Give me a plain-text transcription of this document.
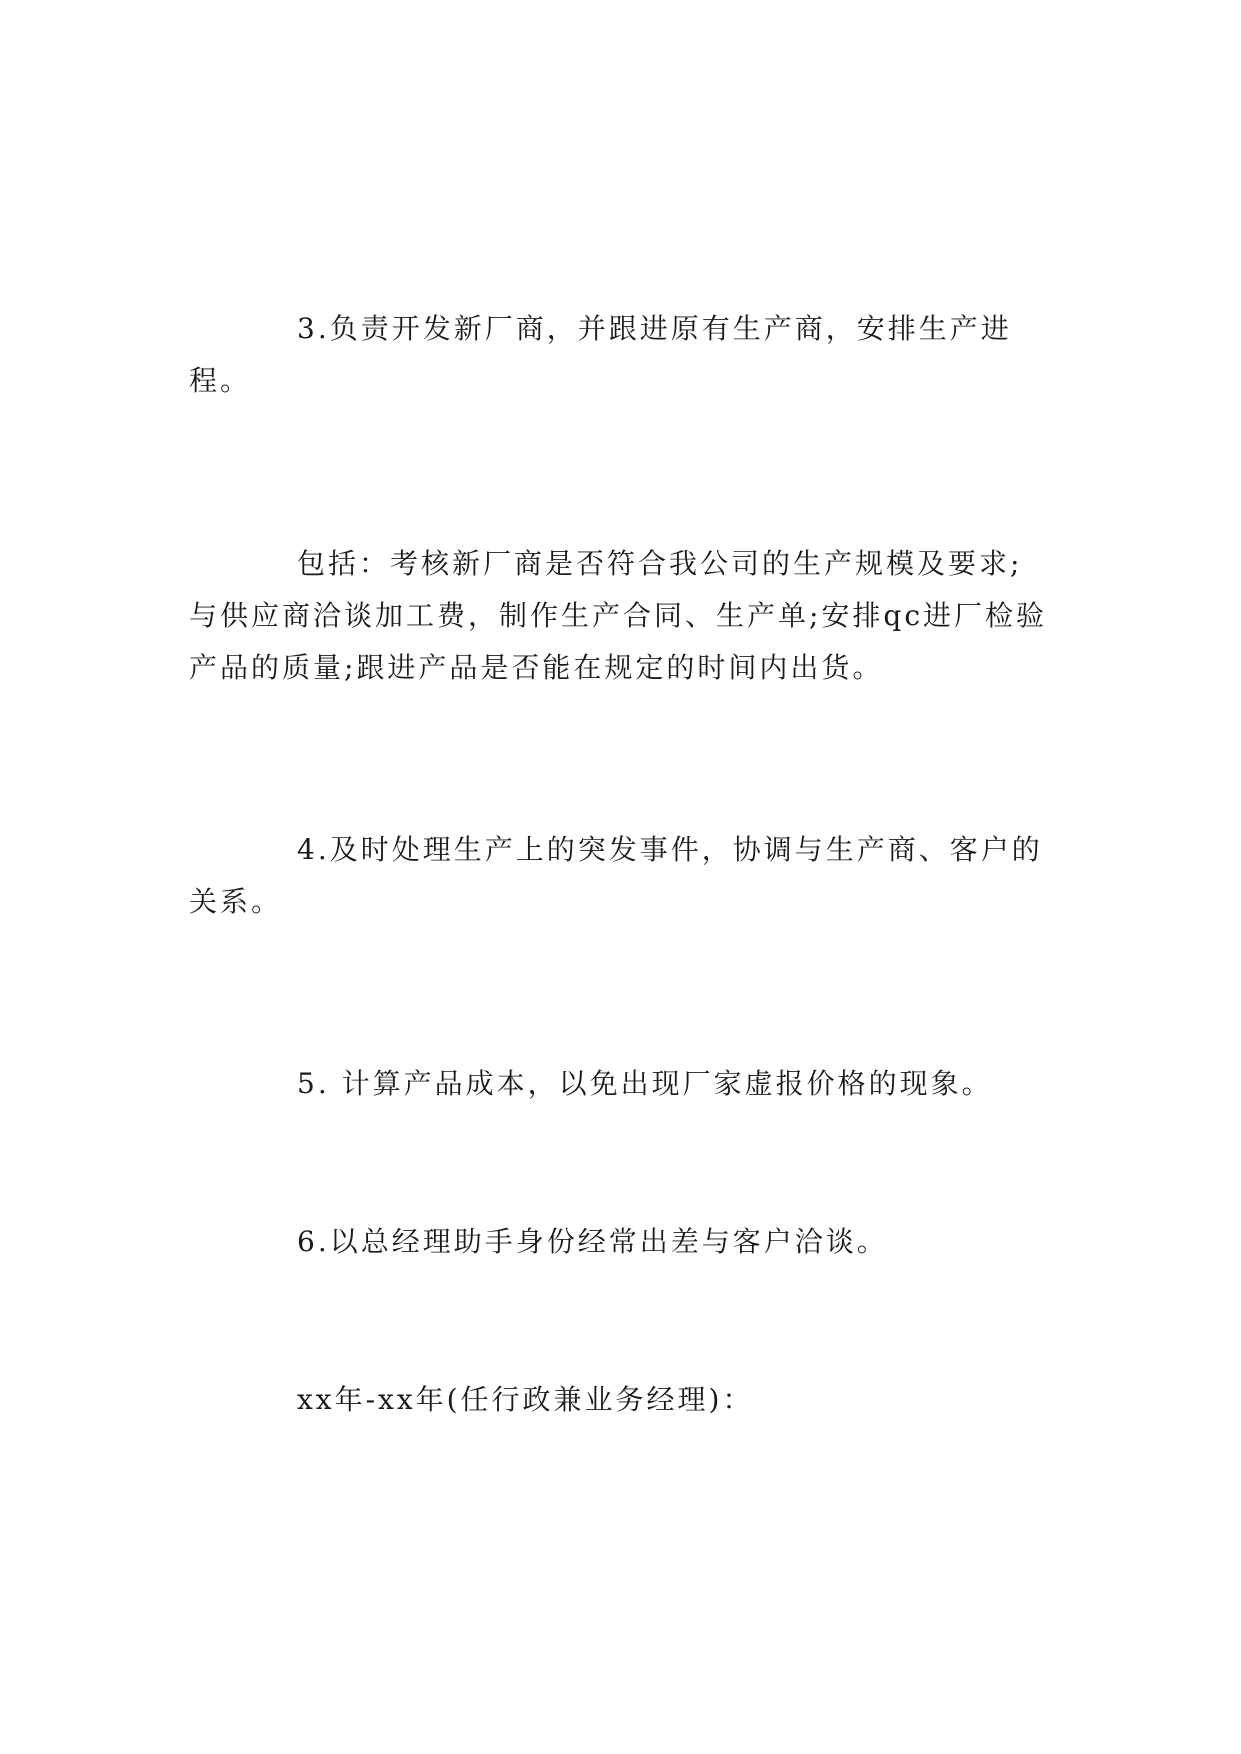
3.负责开发新厂商，并跟进原有生产商，安排生产进程。

包括：考核新厂商是否符合我公司的生产规模及要求;与供应商洽谈加工费，制作生产合同、生产单;安排qc进厂检验产品的质量;跟进产品是否能在规定的时间内出货。

4.及时处理生产上的突发事件，协调与生产商、客户的关系。

5. 计算产品成本，以免出现厂家虚报价格的现象。

6.以总经理助手身份经常出差与客户洽谈。

xx年-xx年(任行政兼业务经理)：
